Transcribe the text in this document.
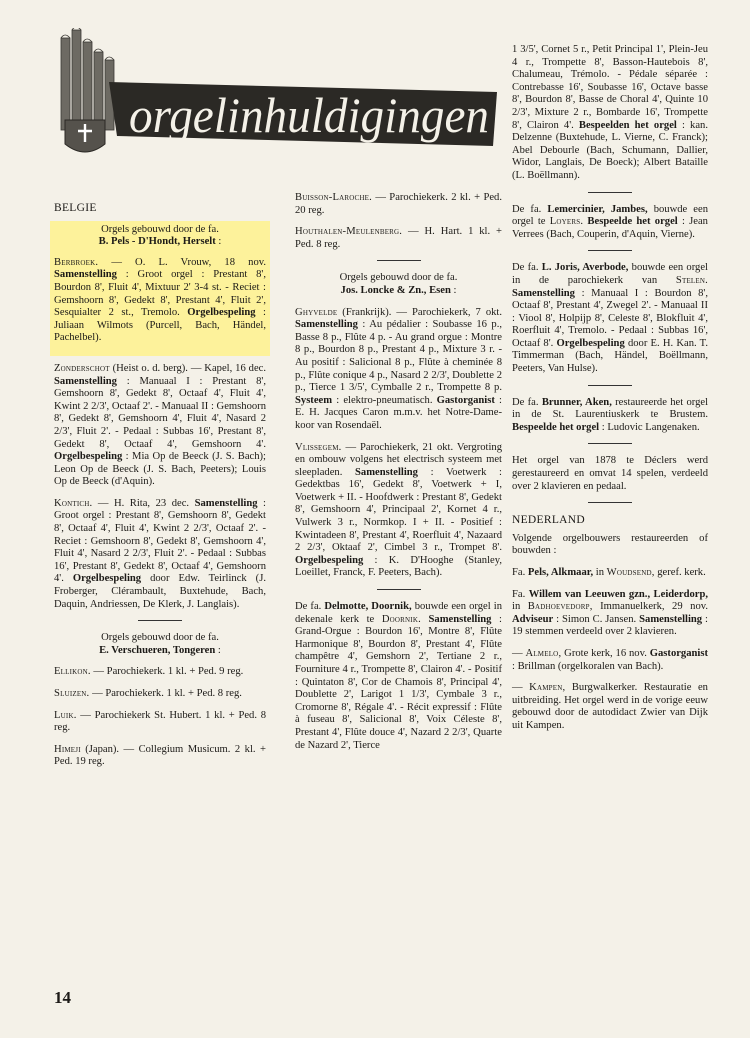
orgelinhuldigingen
BELGIE
Orgels gebouwd door de fa.
B. Pels - D'Hondt, Herselt :
Berbroek. — O. L. Vrouw, 18 nov. Samenstelling : Groot orgel : Prestant 8', Bourdon 8', Fluit 4', Mixtuur 2' 3-4 st. - Reciet : Gemshoorn 8', Gedekt 8', Prestant 4', Fluit 2', Sesquialter 2 st., Tremolo. Orgelbespeling : Juliaan Wilmots (Purcell, Bach, Händel, Pachelbel).
Zonderschot (Heist o. d. berg). — Kapel, 16 dec. Samenstelling : Manuaal I : Prestant 8', Gemshoorn 8', Gedekt 8', Octaaf 4', Fluit 4', Kwint 2 2/3', Octaaf 2'. - Manuaal II : Gemshoorn 8', Gedekt 8', Gemshoorn 4', Fluit 4', Nasard 2 2/3', Fluit 2'. - Pedaal : Subbas 16', Prestant 8', Gedekt 8', Octaaf 4', Gemshoorn 4'. Orgelbespeling : Mia Op de Beeck (J. S. Bach); Leon Op de Beeck (J. S. Bach, Peeters); Louis Op de Beeck (d'Aquin).
Kontich. — H. Rita, 23 dec. Samenstelling : Groot orgel : Prestant 8', Gemshoorn 8', Gedekt 8', Octaaf 4', Fluit 4', Kwint 2 2/3', Octaaf 2'. - Reciet : Gemshoorn 8', Gedekt 8', Gemshoorn 4', Fluit 4', Nasard 2 2/3', Fluit 2'. - Pedaal : Subbas 16', Prestant 8', Gedekt 8', Octaaf 4', Gemshoorn 4'. Orgelbespeling door Edw. Teirlinck (J. Froberger, Clérambault, Buxtehude, Bach, Daquin, Andriessen, De Klerk, J. Langlais).
Orgels gebouwd door de fa.
E. Verschueren, Tongeren :
Ellikon. — Parochiekerk. 1 kl. + Ped. 9 reg.
Sluizen. — Parochiekerk. 1 kl. + Ped. 8 reg.
Luik. — Parochiekerk St. Hubert. 1 kl. + Ped. 8 reg.
Himeji (Japan). — Collegium Musicum. 2 kl. + Ped. 19 reg.
Buisson-Laroche. — Parochiekerk. 2 kl. + Ped. 20 reg.
Houthalen-Meulenberg. — H. Hart. 1 kl. + Ped. 8 reg.
Orgels gebouwd door de fa.
Jos. Loncke & Zn., Esen :
Ghyvelde (Frankrijk). — Parochiekerk, 7 okt. Samenstelling : Au pédalier : Soubasse 16 p., Basse 8 p., Flûte 4 p. - Au grand orgue : Montre 8 p., Bourdon 8 p., Prestant 4 p., Mixture 3 r. - Au positif : Salicional 8 p., Flûte à cheminée 8 p., Flûte conique 4 p., Nasard 2 2/3', Doublette 2 p., Tierce 1 3/5', Cymballe 2 r., Trompette 8 p. Systeem : elektro-pneumatisch. Gastorganist : E. H. Jacques Caron m.m.v. het Notre-Dame-koor van Rosendaël.
Vlissegem. — Parochiekerk, 21 okt. Vergroting en ombouw volgens het electrisch systeem met sleepladen. Samenstelling : Voetwerk : Gedektbas 16', Gedekt 8', Voetwerk + I, Voetwerk + II. - Hoofdwerk : Prestant 8', Gedekt 8', Gemshoorn 4', Principaal 2', Kornet 4 r., Vulwerk 3 r., Normkop. I + II. - Positief : Kwintadeen 8', Prestant 4', Roerfluit 4', Nazaard 2 2/3', Oktaaf 2', Cimbel 3 r., Trompet 8'. Orgelbespeling : K. D'Hooghe (Stanley, Loeillet, Franck, F. Peeters, Bach).
De fa. Delmotte, Doornik, bouwde een orgel in dekenale kerk te Doornik. Samenstelling : Grand-Orgue : Bourdon 16', Montre 8', Flûte Harmonique 8', Bourdon 8', Prestant 4', Flûte champêtre 4', Gemshorn 2', Tertiane 2 r., Fourniture 4 r., Trompette 8', Clairon 4'. - Positif : Quintaton 8', Cor de Chamois 8', Principal 4', Doublette 2', Larigot 1 1/3', Cymbale 3 r., Cromorne 8', Régale 4'. - Récit expressif : Flûte à fuseau 8', Salicional 8', Voix Céleste 8', Prestant 4', Flûte douce 4', Nazard 2 2/3', Quarte de Nazard 2', Tierce
1 3/5', Cornet 5 r., Petit Principal 1', Plein-Jeu 4 r., Trompette 8', Basson-Hautebois 8', Chalumeau, Trémolo. - Pédale séparée : Contrebasse 16', Soubasse 16', Octave basse 8', Bourdon 8', Basse de Choral 4', Quinte 10 2/3', Mixture 2 r., Bombarde 16', Trompette 8', Clairon 4'. Bespeelden het orgel : kan. Delzenne (Buxtehude, L. Vierne, C. Franck); Abel Debourle (Bach, Schumann, Dallier, Widor, Langlais, De Boeck); Albert Bataille (L. Boëllmann).
De fa. Lemercinier, Jambes, bouwde een orgel te Loyers. Bespeelde het orgel : Jean Verrees (Bach, Couperin, d'Aquin, Vierne).
De fa. L. Joris, Averbode, bouwde een orgel in de parochiekerk van Stelen. Samenstelling : Manuaal I : Bourdon 8', Octaaf 8', Prestant 4', Zwegel 2'. - Manuaal II : Viool 8', Holpijp 8', Celeste 8', Blokfluit 4', Roerfluit 4', Tremolo. - Pedaal : Subbas 16', Octaaf 8'. Orgelbespeling door E. H. Kan. T. Timmerman (Bach, Händel, Boëllmann, Peeters, Van Hulse).
De fa. Brunner, Aken, restaureerde het orgel in de St. Laurentiuskerk te Brustem. Bespeelde het orgel : Ludovic Langenaken.
Het orgel van 1878 te Déclers werd gerestaureerd en omvat 14 spelen, verdeeld over 2 klavieren en pedaal.
NEDERLAND
Volgende orgelbouwers restaureerden of bouwden :
Fa. Pels, Alkmaar, in Woudsend, geref. kerk.
Fa. Willem van Leeuwen gzn., Leiderdorp, in Badhoevedorp, Immanuelkerk, 29 nov. Adviseur : Simon C. Jansen. Samenstelling : 19 stemmen verdeeld over 2 klavieren.
— Almelo, Grote kerk, 16 nov. Gastorganist : Brillman (orgelkoralen van Bach).
— Kampen, Burgwalkerker. Restauratie en uitbreiding. Het orgel werd in de vorige eeuw gebouwd door de autodidact Zwier van Dijk uit Kampen.
14
